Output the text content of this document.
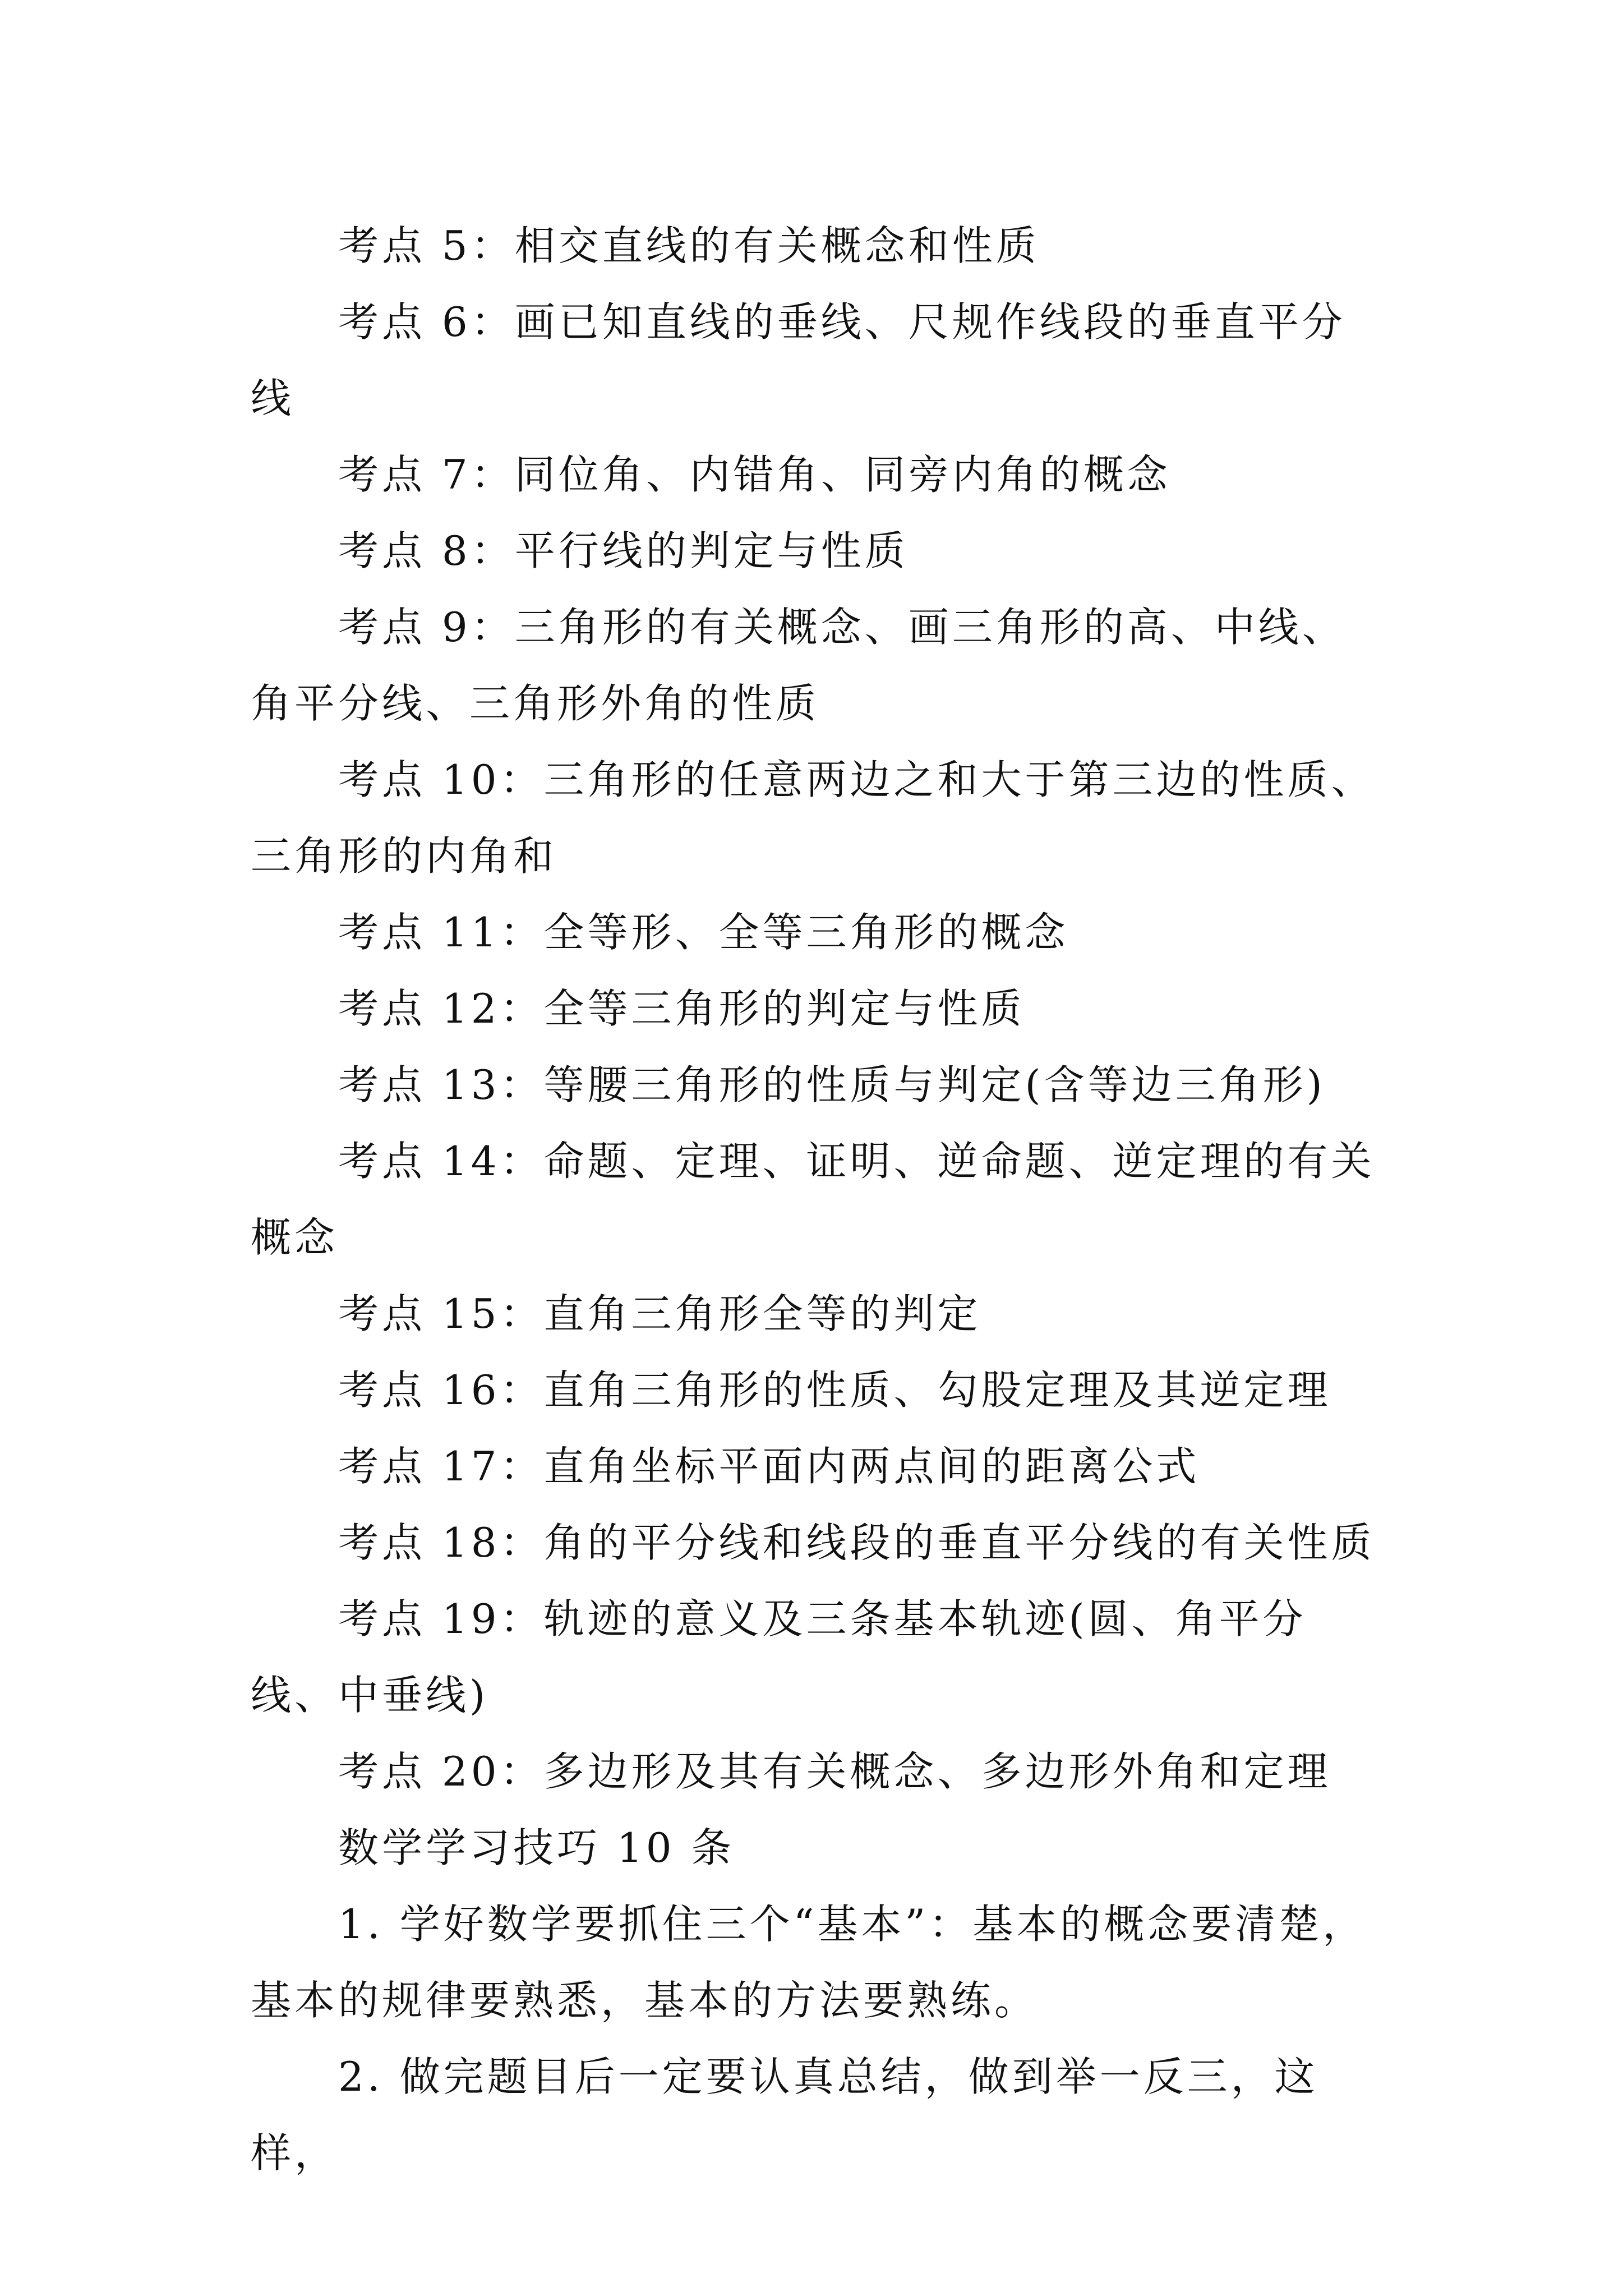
考点 5：相交直线的有关概念和性质

考点 6：画已知直线的垂线、尺规作线段的垂直平分线

考点 7：同位角、内错角、同旁内角的概念

考点 8：平行线的判定与性质

考点 9：三角形的有关概念、画三角形的高、中线、角平分线、三角形外角的性质

考点 10：三角形的任意两边之和大于第三边的性质、三角形的内角和

考点 11：全等形、全等三角形的概念

考点 12：全等三角形的判定与性质

考点 13：等腰三角形的性质与判定(含等边三角形)

考点 14：命题、定理、证明、逆命题、逆定理的有关概念

考点 15：直角三角形全等的判定

考点 16：直角三角形的性质、勾股定理及其逆定理

考点 17：直角坐标平面内两点间的距离公式

考点 18：角的平分线和线段的垂直平分线的有关性质

考点 19：轨迹的意义及三条基本轨迹(圆、角平分线、中垂线)

考点 20：多边形及其有关概念、多边形外角和定理

数学学习技巧 10 条

1. 学好数学要抓住三个“基本”：基本的概念要清楚，基本的规律要熟悉，基本的方法要熟练。

2. 做完题目后一定要认真总结，做到举一反三，这样，
